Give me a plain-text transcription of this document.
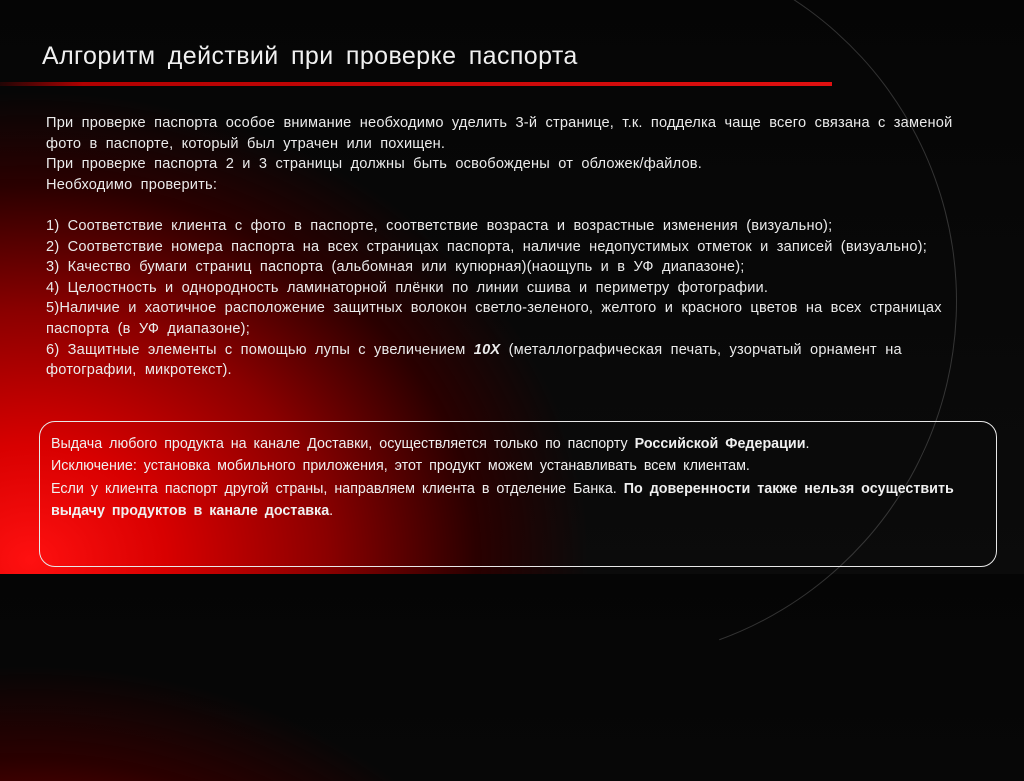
Алгоритм действий при проверке паспорта

При проверке паспорта особое внимание необходимо уделить 3-й странице, т.к. подделка чаще всего связана с заменой фото в паспорте, который был утрачен или похищен.

При проверке паспорта 2 и 3 страницы должны быть освобождены от обложек/файлов.

Необходимо проверить:

1) Соответствие клиента с фото в паспорте, соответствие возраста и возрастные изменения (визуально);

2) Соответствие номера паспорта на всех страницах паспорта, наличие недопустимых отметок и записей (визуально);

3) Качество бумаги страниц паспорта (альбомная или купюрная)(наощупь и в УФ диапазоне);

4) Целостность и однородность ламинаторной плёнки по линии сшива и периметру фотографии.

5)Наличие и хаотичное расположение защитных волокон светло-зеленого, желтого и красного цветов на всех страницах паспорта (в УФ диапазоне);

6) Защитные элементы с помощью лупы с увеличением 10Х (металлографическая печать, узорчатый орнамент на фотографии, микротекст).

Выдача любого продукта на канале Доставки, осуществляется только по паспорту Российской Федерации.

Исключение: установка мобильного приложения, этот продукт можем устанавливать всем клиентам.

Если у клиента паспорт другой страны, направляем клиента в отделение Банка. По доверенности также нельзя осуществить выдачу продуктов в канале доставка.
